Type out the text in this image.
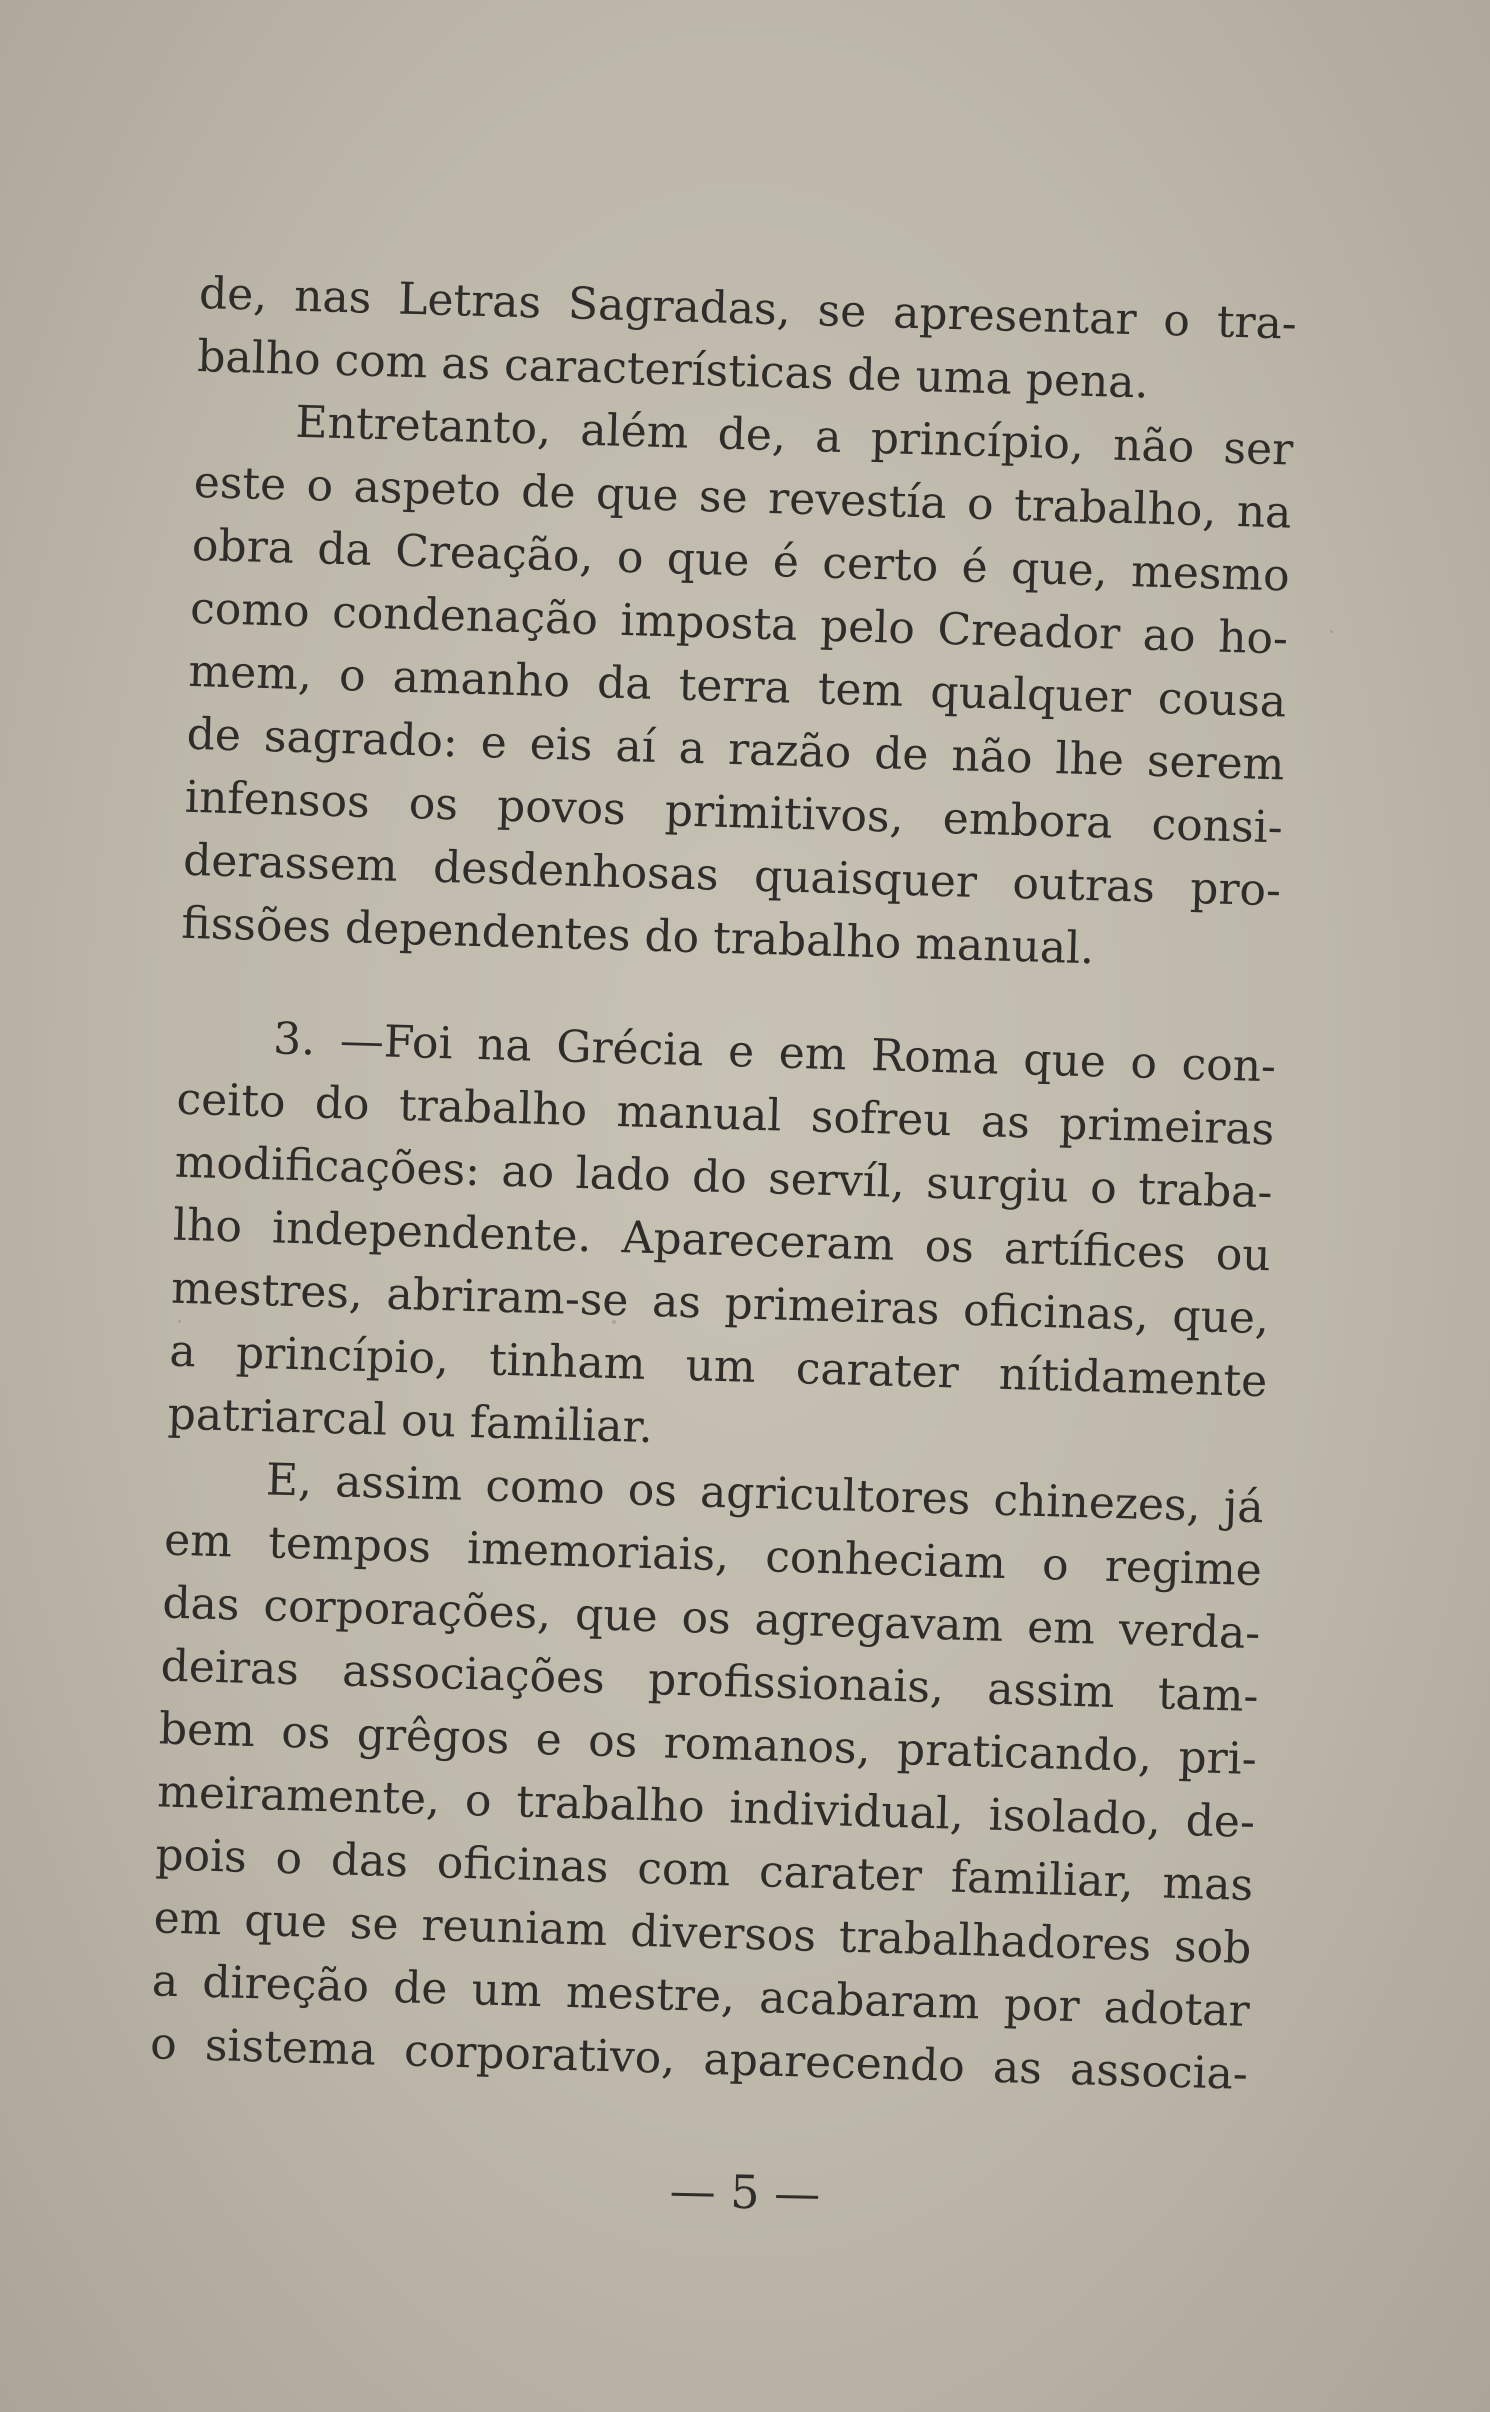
de, nas Letras Sagradas, se apresentar o tra-
balho com as características de uma pena.
Entretanto, além de, a princípio, não ser
este o aspeto de que se revestía o trabalho, na
obra da Creação, o que é certo é que, mesmo
como condenação imposta pelo Creador ao ho-
mem, o amanho da terra tem qualquer cousa
de sagrado: e eis aí a razão de não lhe serem
infensos os povos primitivos, embora consi-
derassem desdenhosas quaisquer outras pro-
fissões dependentes do trabalho manual.
3. —Foi na Grécia e em Roma que o con-
ceito do trabalho manual sofreu as primeiras
modificações: ao lado do servíl, surgiu o traba-
lho independente. Apareceram os artífices ou
mestres, abriram-se as primeiras oficinas, que,
a princípio, tinham um carater nítidamente
patriarcal ou familiar.
E, assim como os agricultores chinezes, já
em tempos imemoriais, conheciam o regime
das corporações, que os agregavam em verda-
deiras associações profissionais, assim tam-
bem os grêgos e os romanos, praticando, pri-
meiramente, o trabalho individual, isolado, de-
pois o das oficinas com carater familiar, mas
em que se reuniam diversos trabalhadores sob
a direção de um mestre, acabaram por adotar
o sistema corporativo, aparecendo as associa-
— 5 —
